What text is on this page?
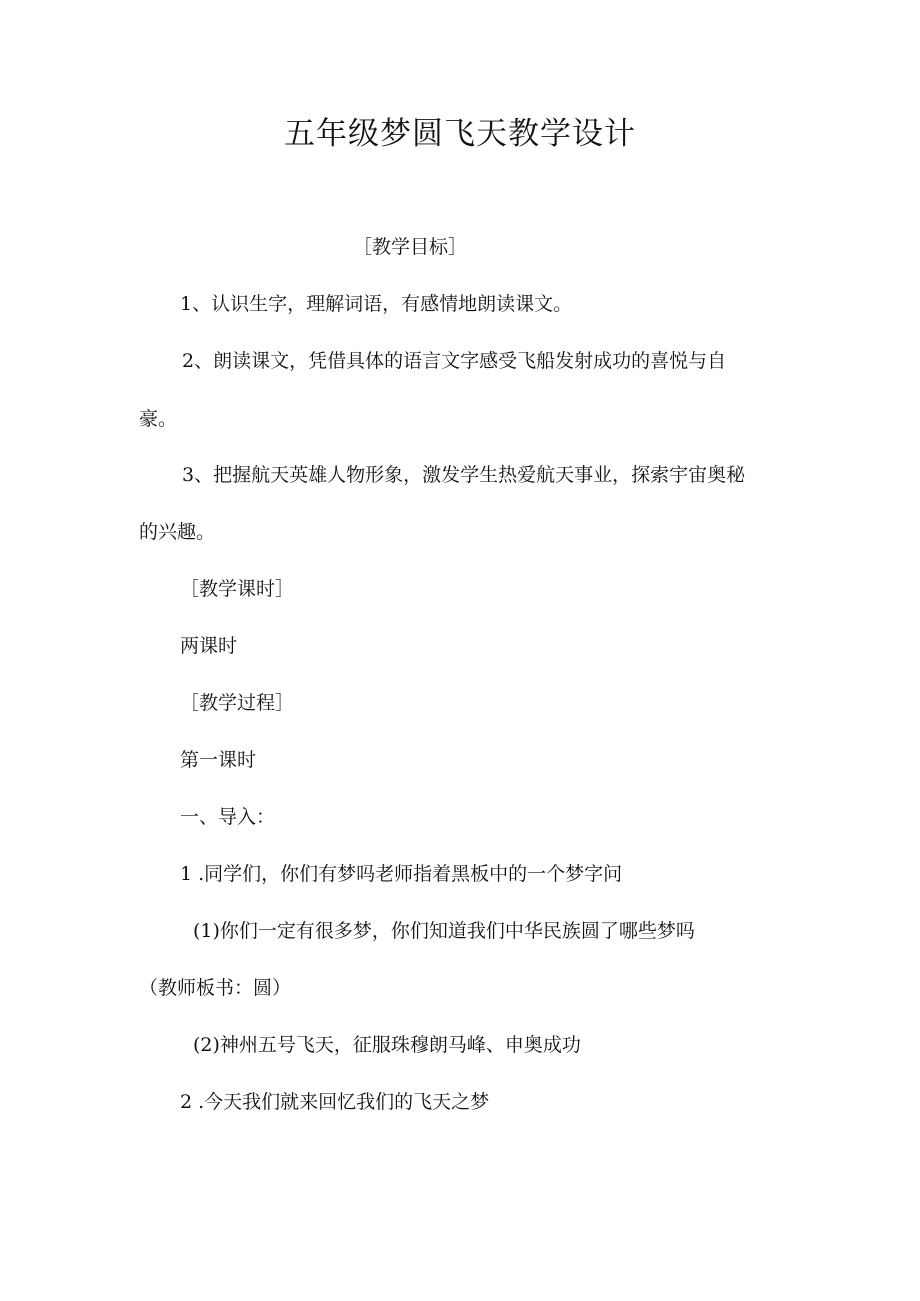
五年级梦圆飞天教学设计
［教学目标］
1、认识生字，理解词语，有感情地朗读课文。
2、朗读课文，凭借具体的语言文字感受飞船发射成功的喜悦与自
豪。
3、把握航天英雄人物形象，激发学生热爱航天事业，探索宇宙奥秘
的兴趣。
［教学课时］
两课时
［教学过程］
第一课时
一、导入：
1 .同学们，你们有梦吗老师指着黑板中的一个梦字问
(1)你们一定有很多梦，你们知道我们中华民族圆了哪些梦吗
（教师板书：圆）
(2)神州五号飞天，征服珠穆朗马峰、申奥成功
2 .今天我们就来回忆我们的飞天之梦
